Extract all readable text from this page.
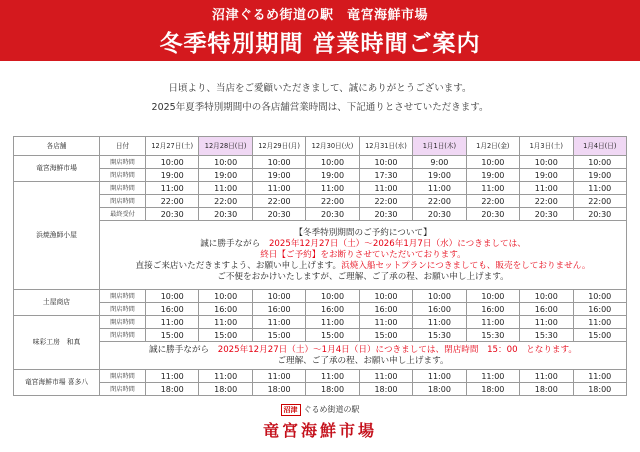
沼津ぐるめ街道の駅　竜宮海鮮市場
冬季特別期間 営業時間ご案内
日頃より、当店をご愛顧いただきまして、誠にありがとうございます。
2025年夏季特別期間中の各店舗営業時間は、下記通りとさせていただきます。
各店舗	日付	12月27日(土)	12月28日(日)	12月29日(月)	12月30日(火)	12月31日(水)	1月1日(木)	1月2日(金)	1月3日(土)	1月4日(日)
竜宮海鮮市場	開店時間	10:00	10:00	10:00	10:00	10:00	9:00	10:00	10:00	10:00
	閉店時間	19:00	19:00	19:00	19:00	17:30	19:00	19:00	19:00	19:00
浜焼漁師小屋	開店時間	11:00	11:00	11:00	11:00	11:00	11:00	11:00	11:00	11:00
	閉店時間	22:00	22:00	22:00	22:00	22:00	22:00	22:00	22:00	22:00
	最終受付	20:30	20:30	20:30	20:30	20:30	20:30	20:30	20:30	20:30

	【冬季特別期間のご予約について】
誠に勝手ながら　2025年12月27日（土）〜2026年1月7日（水）につきましては、
終日【ご予約】をお断りさせていただいております。
直接ご来店いただきますよう、お願い申し上げます。浜焼入船セットプランにつきましても、販売をしておりません。
ご不便をおかけいたしますが、ご理解、ご了承の程、お願い申し上げます。									

土屋商店	開店時間	10:00	10:00	10:00	10:00	10:00	10:00	10:00	10:00	10:00
	閉店時間	16:00	16:00	16:00	16:00	16:00	16:00	16:00	16:00	16:00
味彩工房　和真	開店時間	11:00	11:00	11:00	11:00	11:00	11:00	11:00	11:00	11:00
	閉店時間	15:00	15:00	15:00	15:00	15:00	15:30	15:30	15:30	15:00

	誠に勝手ながら　2025年12月27日（土）〜1月4日（日）につきましては、閉店時間　15：00　となります。
ご理解、ご了承の程、お願い申し上げます。									

竜宮海鮮市場 喜多八	開店時間	11:00	11:00	11:00	11:00	11:00	11:00	11:00	11:00	11:00
	閉店時間	18:00	18:00	18:00	18:00	18:00	18:00	18:00	18:00	18:00
沼津 ぐるめ街道の駅
竜宮海鮮市場
